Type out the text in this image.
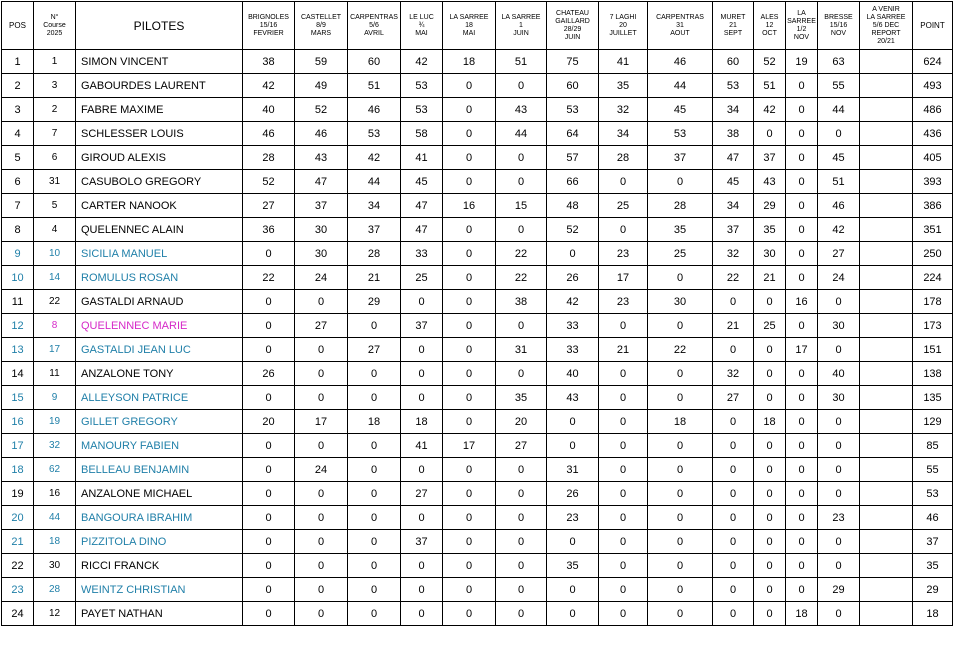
POS	N°
Course
2025	PILOTES	BRIGNOLES
15/16
FEVRIER	CASTELLET
8/9
MARS	CARPENTRAS
5/6
AVRIL	LE LUC
¾
MAI	LA SARREE
18
MAI	LA SARREE
1
JUIN	CHATEAU
GAILLARD
28/29
JUIN	7 LAGHI
20
JUILLET	CARPENTRAS
31
AOUT	MURET
21
SEPT	ALES
12
OCT	LA
SARREE
1/2
NOV	BRESSE
15/16
NOV	A VENIR
LA SARREE
5/6 DEC
REPORT
20/21	POINT
1	1	SIMON VINCENT	38	59	60	42	18	51	75	41	46	60	52	19	63		624
2	3	GABOURDES LAURENT	42	49	51	53	0	0	60	35	44	53	51	0	55		493
3	2	FABRE MAXIME	40	52	46	53	0	43	53	32	45	34	42	0	44		486
4	7	SCHLESSER LOUIS	46	46	53	58	0	44	64	34	53	38	0	0	0		436
5	6	GIROUD ALEXIS	28	43	42	41	0	0	57	28	37	47	37	0	45		405
6	31	CASUBOLO GREGORY	52	47	44	45	0	0	66	0	0	45	43	0	51		393
7	5	CARTER NANOOK	27	37	34	47	16	15	48	25	28	34	29	0	46		386
8	4	QUELENNEC ALAIN	36	30	37	47	0	0	52	0	35	37	35	0	42		351
9	10	SICILIA MANUEL	0	30	28	33	0	22	0	23	25	32	30	0	27		250
10	14	ROMULUS ROSAN	22	24	21	25	0	22	26	17	0	22	21	0	24		224
11	22	GASTALDI ARNAUD	0	0	29	0	0	38	42	23	30	0	0	16	0		178
12	8	QUELENNEC MARIE	0	27	0	37	0	0	33	0	0	21	25	0	30		173
13	17	GASTALDI JEAN LUC	0	0	27	0	0	31	33	21	22	0	0	17	0		151
14	11	ANZALONE TONY	26	0	0	0	0	0	40	0	0	32	0	0	40		138
15	9	ALLEYSON PATRICE	0	0	0	0	0	35	43	0	0	27	0	0	30		135
16	19	GILLET GREGORY	20	17	18	18	0	20	0	0	18	0	18	0	0		129
17	32	MANOURY FABIEN	0	0	0	41	17	27	0	0	0	0	0	0	0		85
18	62	BELLEAU BENJAMIN	0	24	0	0	0	0	31	0	0	0	0	0	0		55
19	16	ANZALONE MICHAEL	0	0	0	27	0	0	26	0	0	0	0	0	0		53
20	44	BANGOURA IBRAHIM	0	0	0	0	0	0	23	0	0	0	0	0	23		46
21	18	PIZZITOLA DINO	0	0	0	37	0	0	0	0	0	0	0	0	0		37
22	30	RICCI FRANCK	0	0	0	0	0	0	35	0	0	0	0	0	0		35
23	28	WEINTZ CHRISTIAN	0	0	0	0	0	0	0	0	0	0	0	0	29		29
24	12	PAYET NATHAN	0	0	0	0	0	0	0	0	0	0	0	18	0		18
